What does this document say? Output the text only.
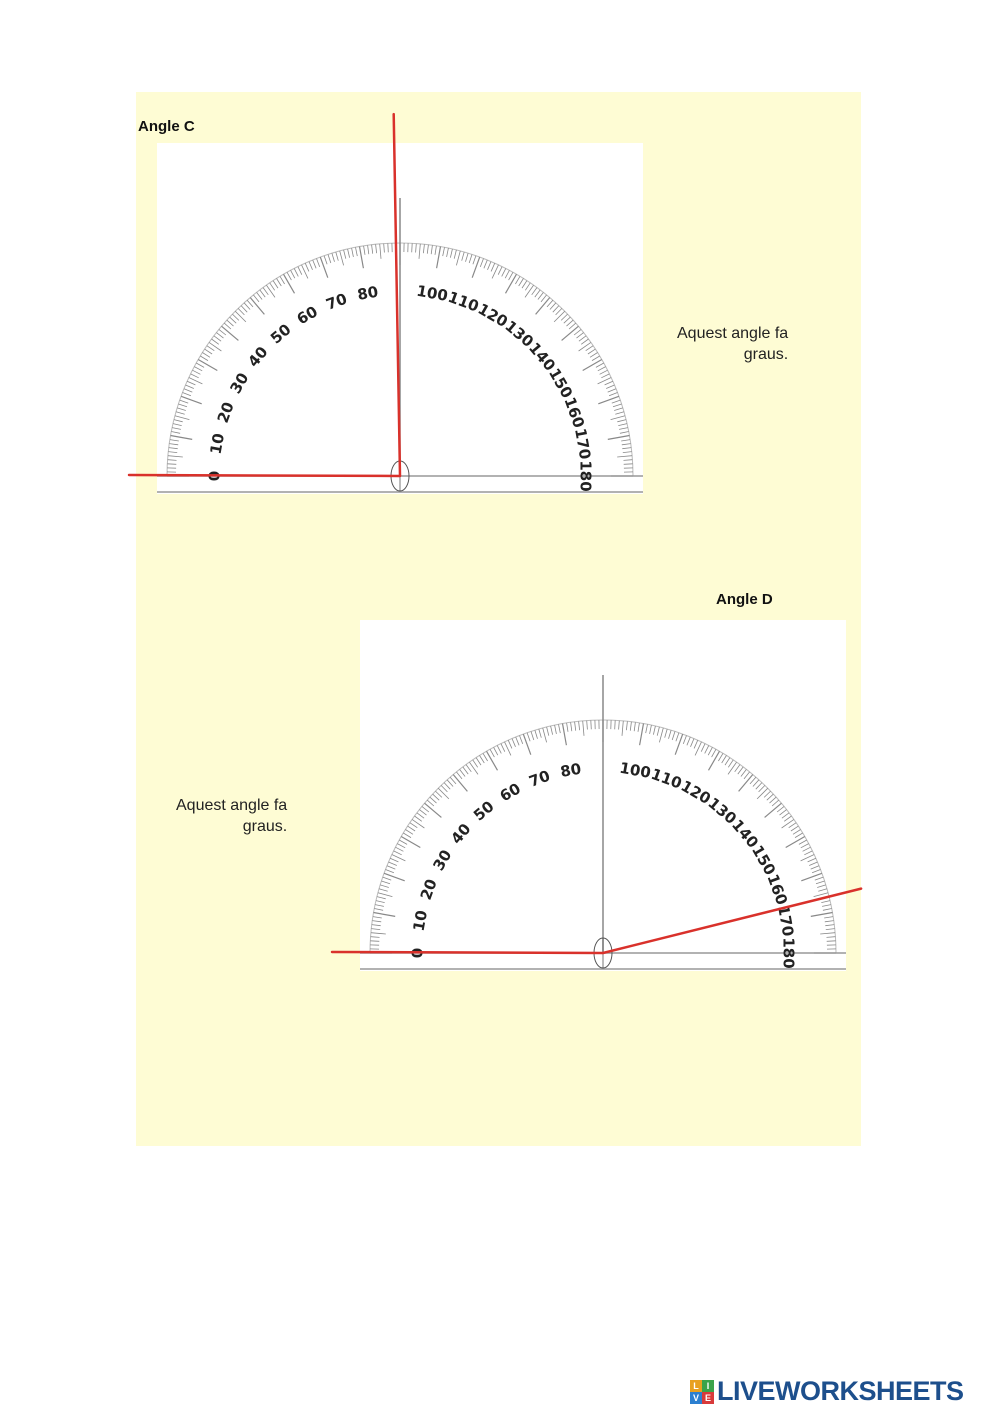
Angle C
10
20
30
40
50
60
70 80 100
110
120
130
140
150
160
170
180
Aquest angle fa
graus.
Angle D
10
20
30
40
50
60
70 80 100
110
120
130
140
150
160
170
180
Aquest angle fa
graus.
L I
V E LIVEWORKSHEETS
